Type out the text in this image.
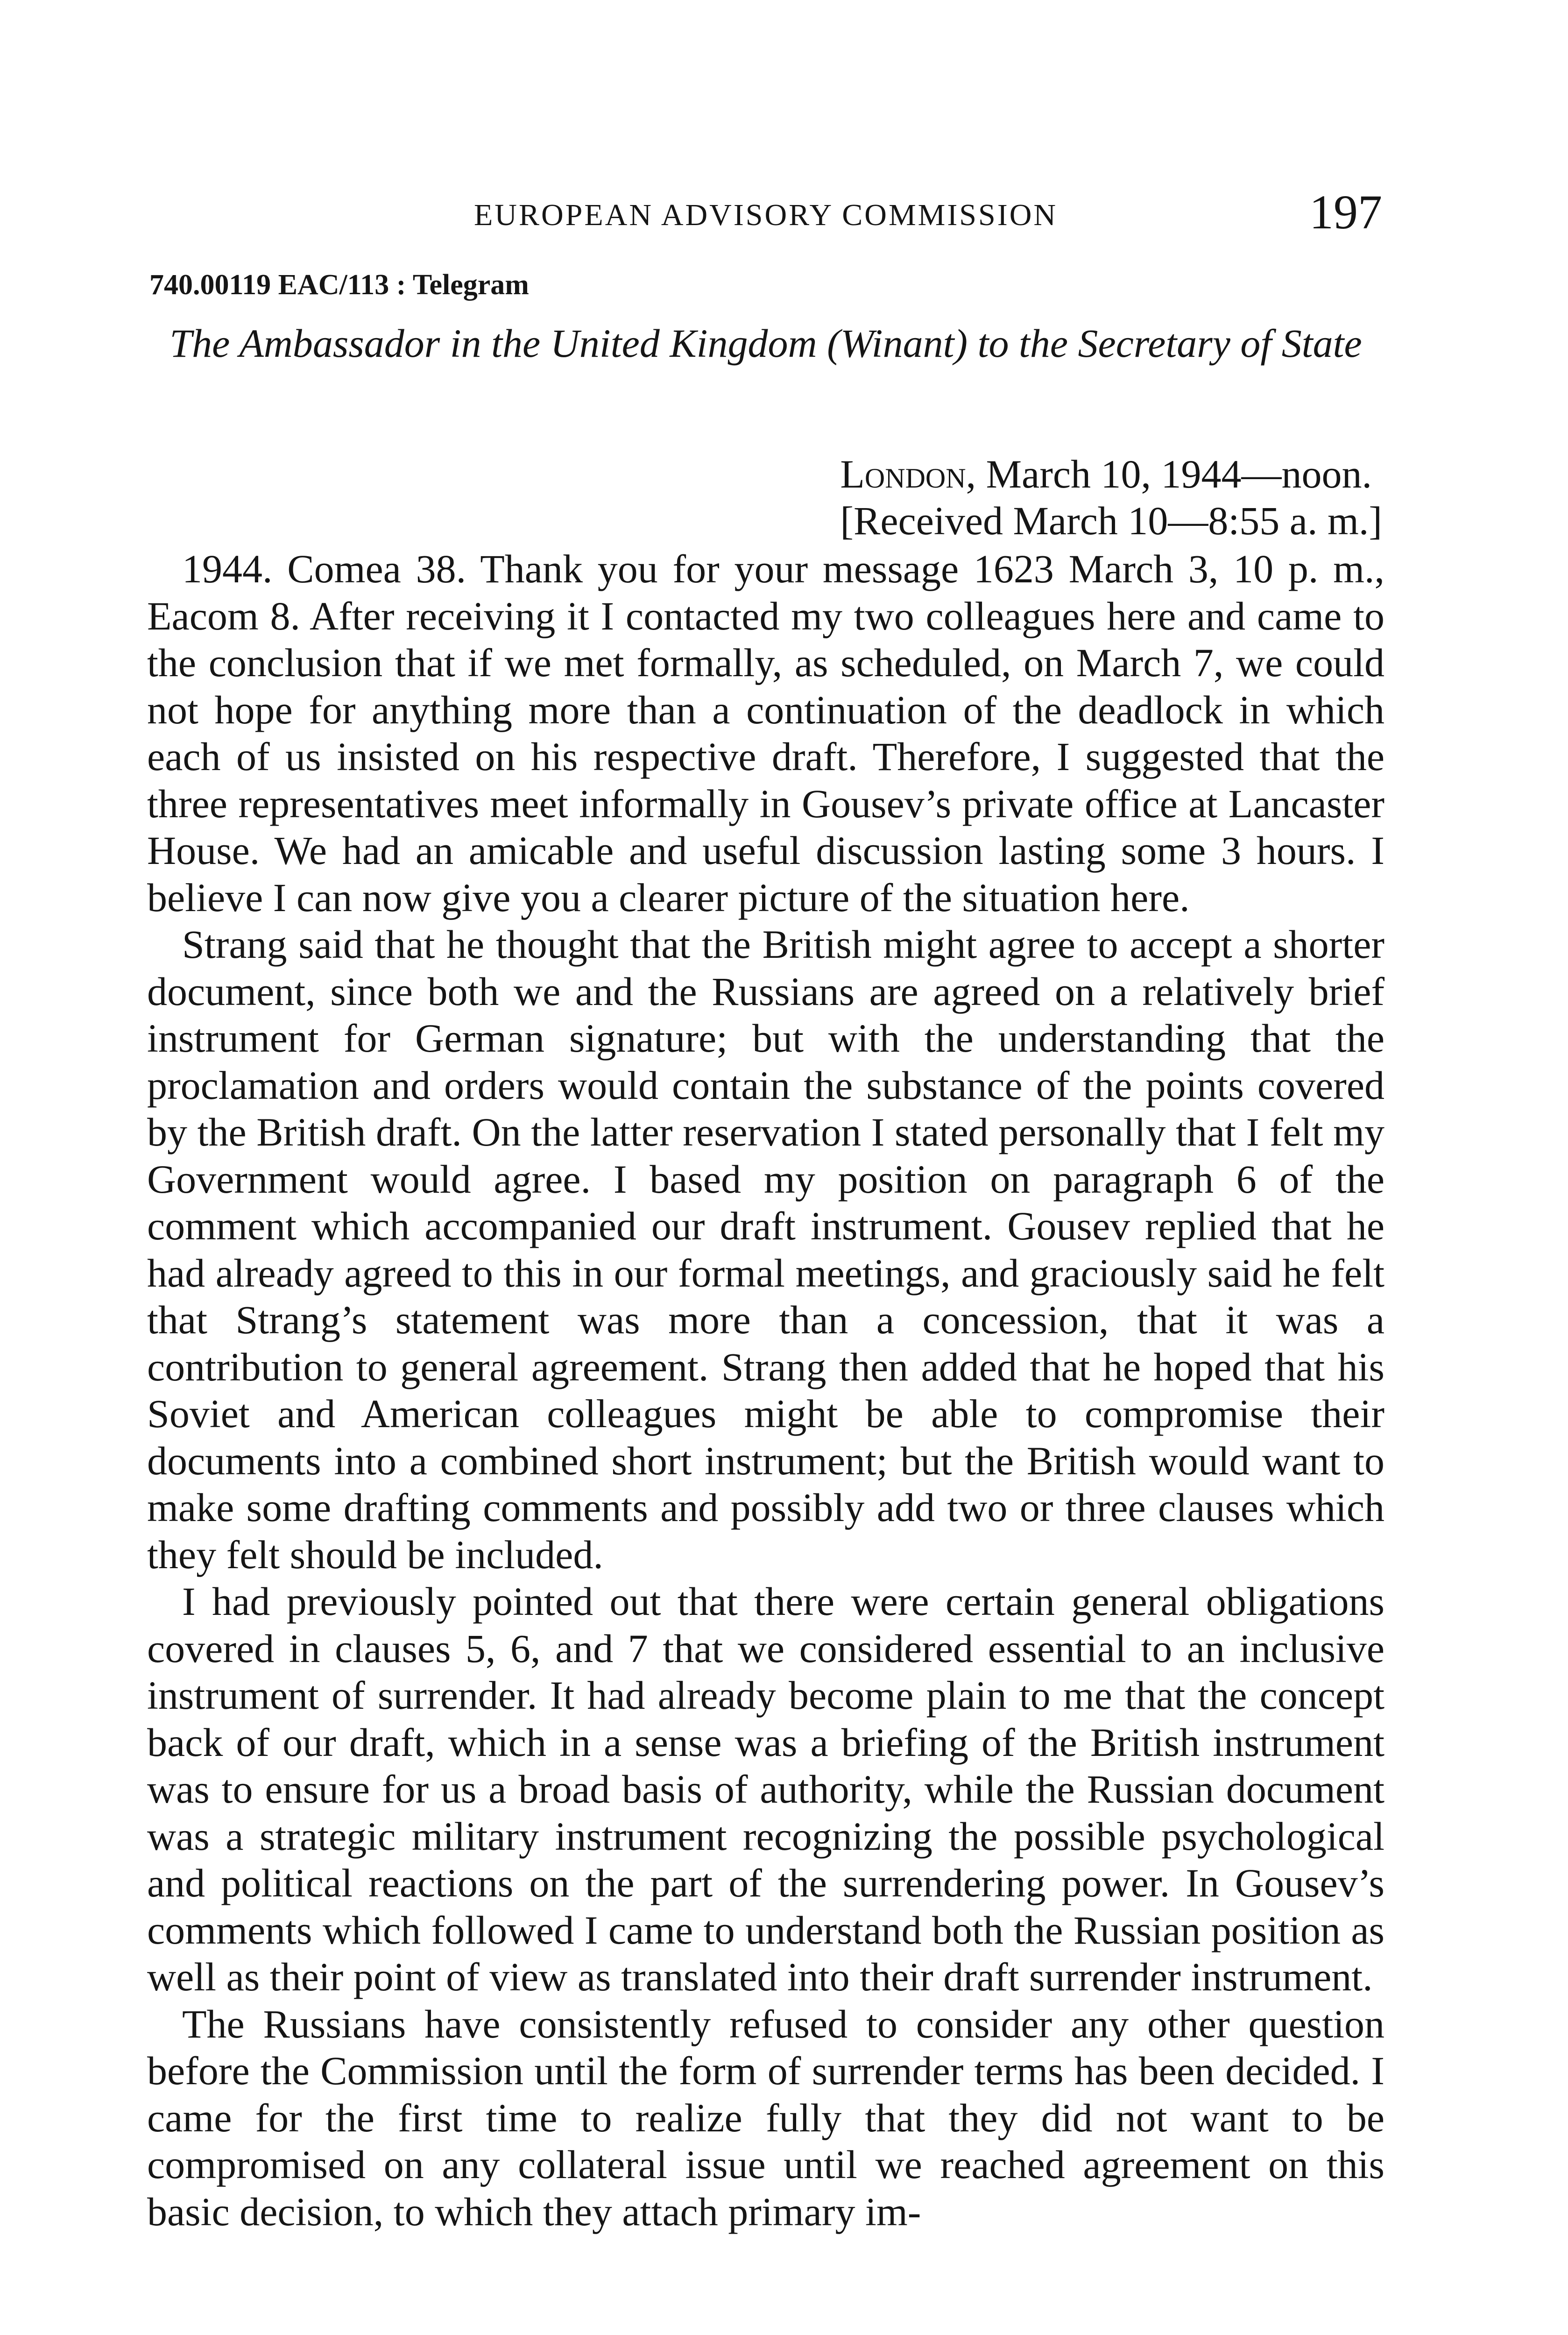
EUROPEAN ADVISORY COMMISSION	197
740.00119 EAC/113 : Telegram
The Ambassador in the United Kingdom (Winant) to the Secretary of State
London, March 10, 1944—noon.
[Received March 10—8:55 a. m.]

1944. Comea 38. Thank you for your message 1623 March 3, 10 p. m., Eacom 8. After receiving it I contacted my two colleagues here and came to the conclusion that if we met formally, as scheduled, on March 7, we could not hope for anything more than a continuation of the deadlock in which each of us insisted on his respective draft. Therefore, I suggested that the three representatives meet informally in Gousev’s private office at Lancaster House. We had an amicable and useful discussion lasting some 3 hours. I believe I can now give you a clearer picture of the situation here.

Strang said that he thought that the British might agree to accept a shorter document, since both we and the Russians are agreed on a relatively brief instrument for German signature; but with the understanding that the proclamation and orders would contain the substance of the points covered by the British draft. On the latter reservation I stated personally that I felt my Government would agree. I based my position on paragraph 6 of the comment which accompanied our draft instrument. Gousev replied that he had already agreed to this in our formal meetings, and graciously said he felt that Strang’s statement was more than a concession, that it was a contribution to general agreement. Strang then added that he hoped that his Soviet and American colleagues might be able to compromise their documents into a combined short instrument; but the British would want to make some drafting comments and possibly add two or three clauses which they felt should be included.

I had previously pointed out that there were certain general obligations covered in clauses 5, 6, and 7 that we considered essential to an inclusive instrument of surrender. It had already become plain to me that the concept back of our draft, which in a sense was a briefing of the British instrument was to ensure for us a broad basis of authority, while the Russian document was a strategic military instrument recognizing the possible psychological and political reactions on the part of the surrendering power. In Gousev’s comments which followed I came to understand both the Russian position as well as their point of view as translated into their draft surrender instrument.

The Russians have consistently refused to consider any other question before the Commission until the form of surrender terms has been decided. I came for the first time to realize fully that they did not want to be compromised on any collateral issue until we reached agreement on this basic decision, to which they attach primary im-
